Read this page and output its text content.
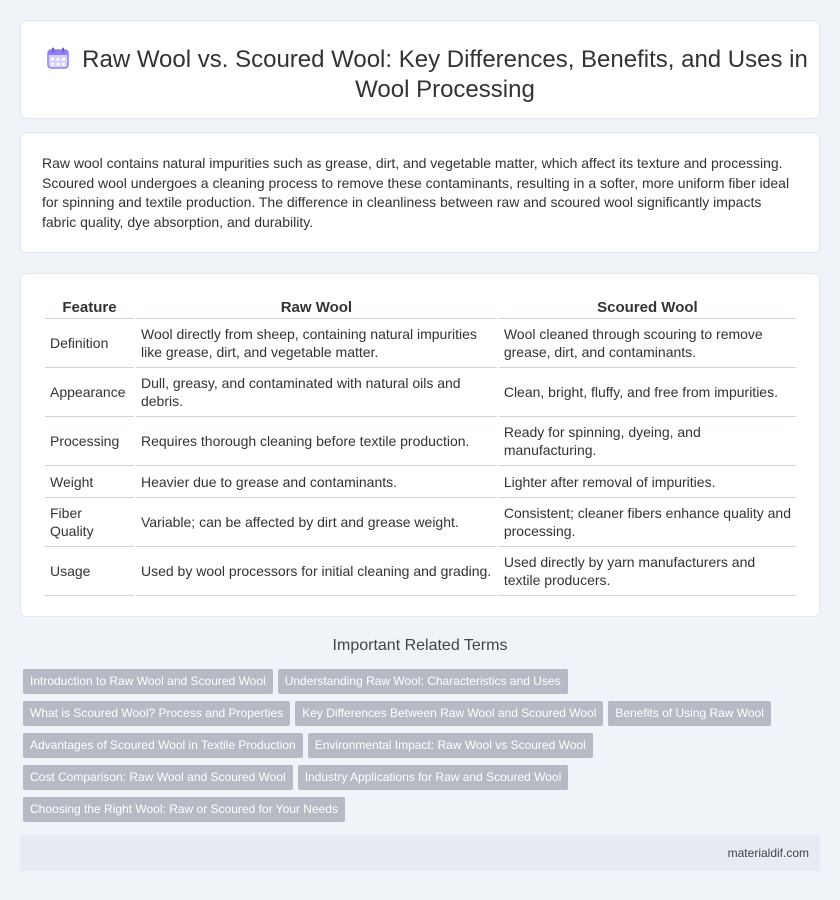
Raw Wool vs. Scoured Wool: Key Differences, Benefits, and Uses in Wool Processing

Raw wool contains natural impurities such as grease, dirt, and vegetable matter, which affect its texture and processing. Scoured wool undergoes a cleaning process to remove these contaminants, resulting in a softer, more uniform fiber ideal for spinning and textile production. The difference in cleanliness between raw and scoured wool significantly impacts fabric quality, dye absorption, and durability.

Feature	Raw Wool	Scoured Wool
Definition	Wool directly from sheep, containing natural impurities like grease, dirt, and vegetable matter.	Wool cleaned through scouring to remove grease, dirt, and contaminants.
Appearance	Dull, greasy, and contaminated with natural oils and debris.	Clean, bright, fluffy, and free from impurities.
Processing	Requires thorough cleaning before textile production.	Ready for spinning, dyeing, and manufacturing.
Weight	Heavier due to grease and contaminants.	Lighter after removal of impurities.
Fiber Quality	Variable; can be affected by dirt and grease weight.	Consistent; cleaner fibers enhance quality and processing.
Usage	Used by wool processors for initial cleaning and grading.	Used directly by yarn manufacturers and textile producers.
Important Related Terms
Introduction to Raw Wool and Scoured Wool Understanding Raw Wool: Characteristics and Uses
What is Scoured Wool? Process and Properties Key Differences Between Raw Wool and Scoured Wool Benefits of Using Raw Wool
Advantages of Scoured Wool in Textile Production Environmental Impact: Raw Wool vs Scoured Wool
Cost Comparison: Raw Wool and Scoured Wool Industry Applications for Raw and Scoured Wool
Choosing the Right Wool: Raw or Scoured for Your Needs
materialdif.com
